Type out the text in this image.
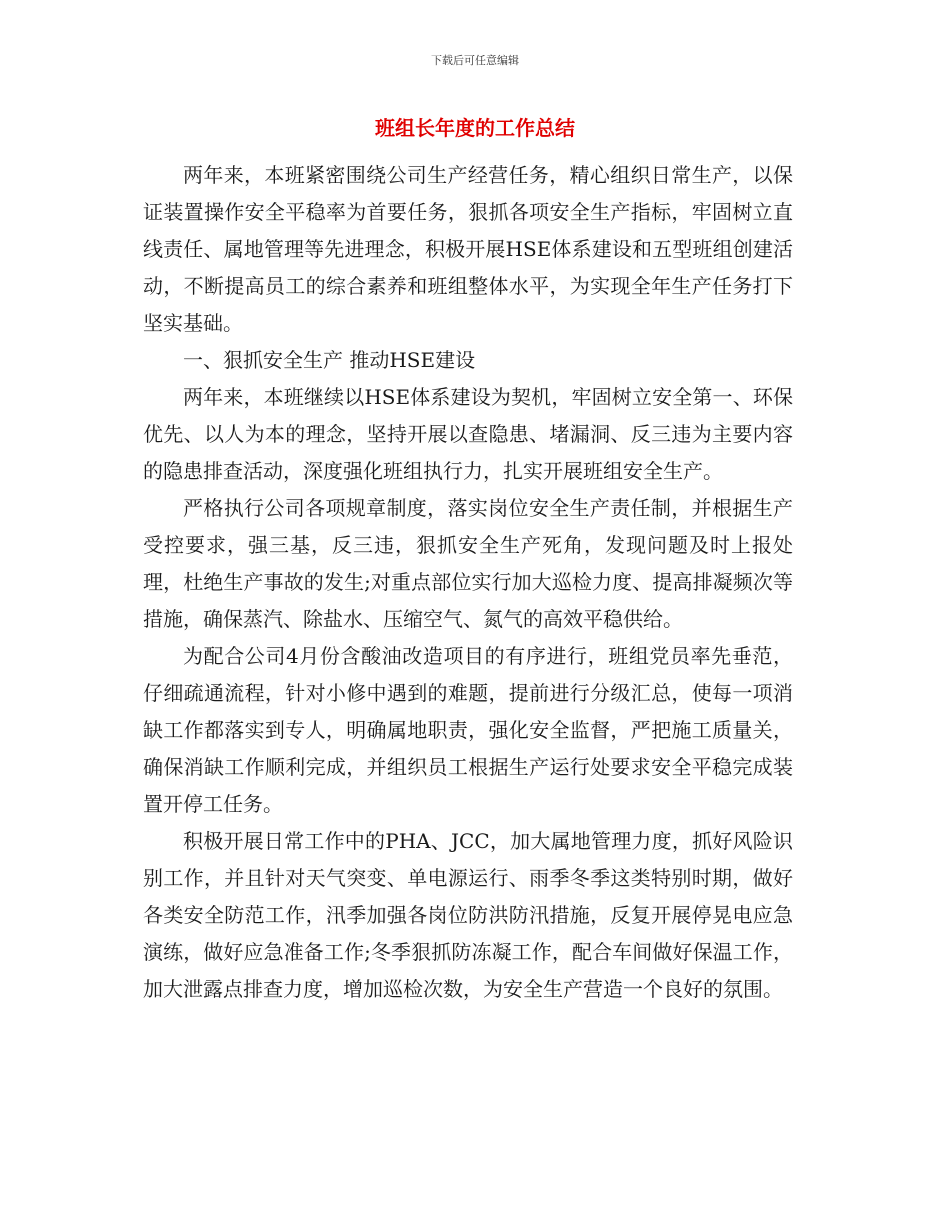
下载后可任意编辑
班组长年度的工作总结

两年来，本班紧密围绕公司生产经营任务，精心组织日常生产，以保证装置操作安全平稳率为首要任务，狠抓各项安全生产指标，牢固树立直线责任、属地管理等先进理念，积极开展HSE体系建设和五型班组创建活动，不断提高员工的综合素养和班组整体水平，为实现全年生产任务打下坚实基础。

一、狠抓安全生产 推动HSE建设

两年来，本班继续以HSE体系建设为契机，牢固树立安全第一、环保优先、以人为本的理念，坚持开展以查隐患、堵漏洞、反三违为主要内容的隐患排查活动，深度强化班组执行力，扎实开展班组安全生产。

严格执行公司各项规章制度，落实岗位安全生产责任制，并根据生产受控要求，强三基，反三违，狠抓安全生产死角，发现问题及时上报处理，杜绝生产事故的发生;对重点部位实行加大巡检力度、提高排凝频次等措施，确保蒸汽、除盐水、压缩空气、氮气的高效平稳供给。

为配合公司4月份含酸油改造项目的有序进行，班组党员率先垂范，仔细疏通流程，针对小修中遇到的难题，提前进行分级汇总，使每一项消缺工作都落实到专人，明确属地职责，强化安全监督，严把施工质量关，确保消缺工作顺利完成，并组织员工根据生产运行处要求安全平稳完成装置开停工任务。

积极开展日常工作中的PHA、JCC，加大属地管理力度，抓好风险识别工作，并且针对天气突变、单电源运行、雨季冬季这类特别时期，做好各类安全防范工作，汛季加强各岗位防洪防汛措施，反复开展停晃电应急演练，做好应急准备工作;冬季狠抓防冻凝工作，配合车间做好保温工作，加大泄露点排查力度，增加巡检次数，为安全生产营造一个良好的氛围。
